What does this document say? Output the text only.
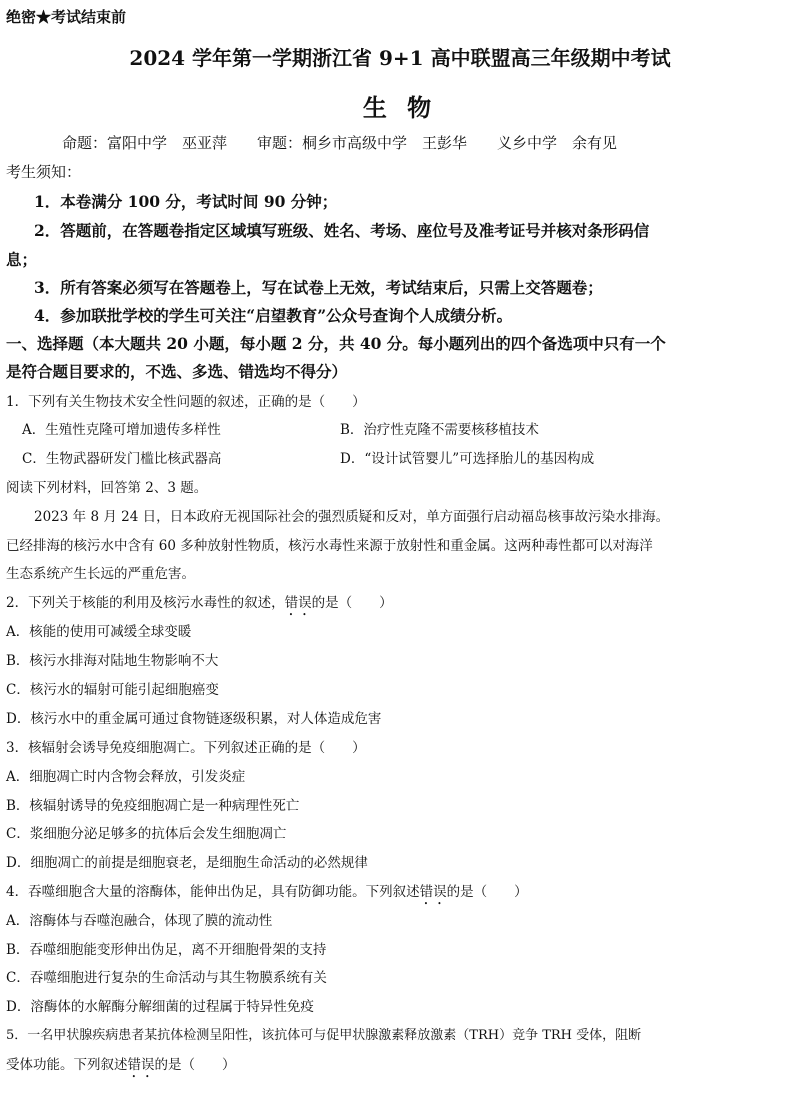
绝密★考试结束前
2024 学年第一学期浙江省 9+1 高中联盟高三年级期中考试
生 物
命题：富阳中学　巫亚萍　　审题：桐乡市高级中学　王彭华　　义乡中学　余有见
考生须知：
1．本卷满分 100 分，考试时间 90 分钟；
2．答题前，在答题卷指定区域填写班级、姓名、考场、座位号及准考证号并核对条形码信
息；
3．所有答案必须写在答题卷上，写在试卷上无效，考试结束后，只需上交答题卷；
4．参加联批学校的学生可关注“启望教育”公众号查询个人成绩分析。
一、选择题（本大题共 20 小题，每小题 2 分，共 40 分。每小题列出的四个备选项中只有一个
是符合题目要求的，不选、多选、错选均不得分）
1．下列有关生物技术安全性问题的叙述，正确的是（　　）
A．生殖性克隆可增加遗传多样性	B．治疗性克隆不需要核移植技术
C．生物武器研发门槛比核武器高	D．“设计试管婴儿”可选择胎儿的基因构成
阅读下列材料，回答第 2、3 题。
2023 年 8 月 24 日，日本政府无视国际社会的强烈质疑和反对，单方面强行启动福岛核事故污染水排海。
已经排海的核污水中含有 60 多种放射性物质，核污水毒性来源于放射性和重金属。这两种毒性都可以对海洋
生态系统产生长远的严重危害。
2．下列关于核能的利用及核污水毒性的叙述，错误的是（　　）
A．核能的使用可减缓全球变暖
B．核污水排海对陆地生物影响不大
C．核污水的辐射可能引起细胞癌变
D．核污水中的重金属可通过食物链逐级积累，对人体造成危害
3．核辐射会诱导免疫细胞凋亡。下列叙述正确的是（　　）
A．细胞凋亡时内含物会释放，引发炎症
B．核辐射诱导的免疫细胞凋亡是一种病理性死亡
C．浆细胞分泌足够多的抗体后会发生细胞凋亡
D．细胞凋亡的前提是细胞衰老，是细胞生命活动的必然规律
4．吞噬细胞含大量的溶酶体，能伸出伪足，具有防御功能。下列叙述错误的是（　　）
A．溶酶体与吞噬泡融合，体现了膜的流动性
B．吞噬细胞能变形伸出伪足，离不开细胞骨架的支持
C．吞噬细胞进行复杂的生命活动与其生物膜系统有关
D．溶酶体的水解酶分解细菌的过程属于特异性免疫
5．一名甲状腺疾病患者某抗体检测呈阳性，该抗体可与促甲状腺激素释放激素（TRH）竞争 TRH 受体，阻断
受体功能。下列叙述错误的是（　　）
